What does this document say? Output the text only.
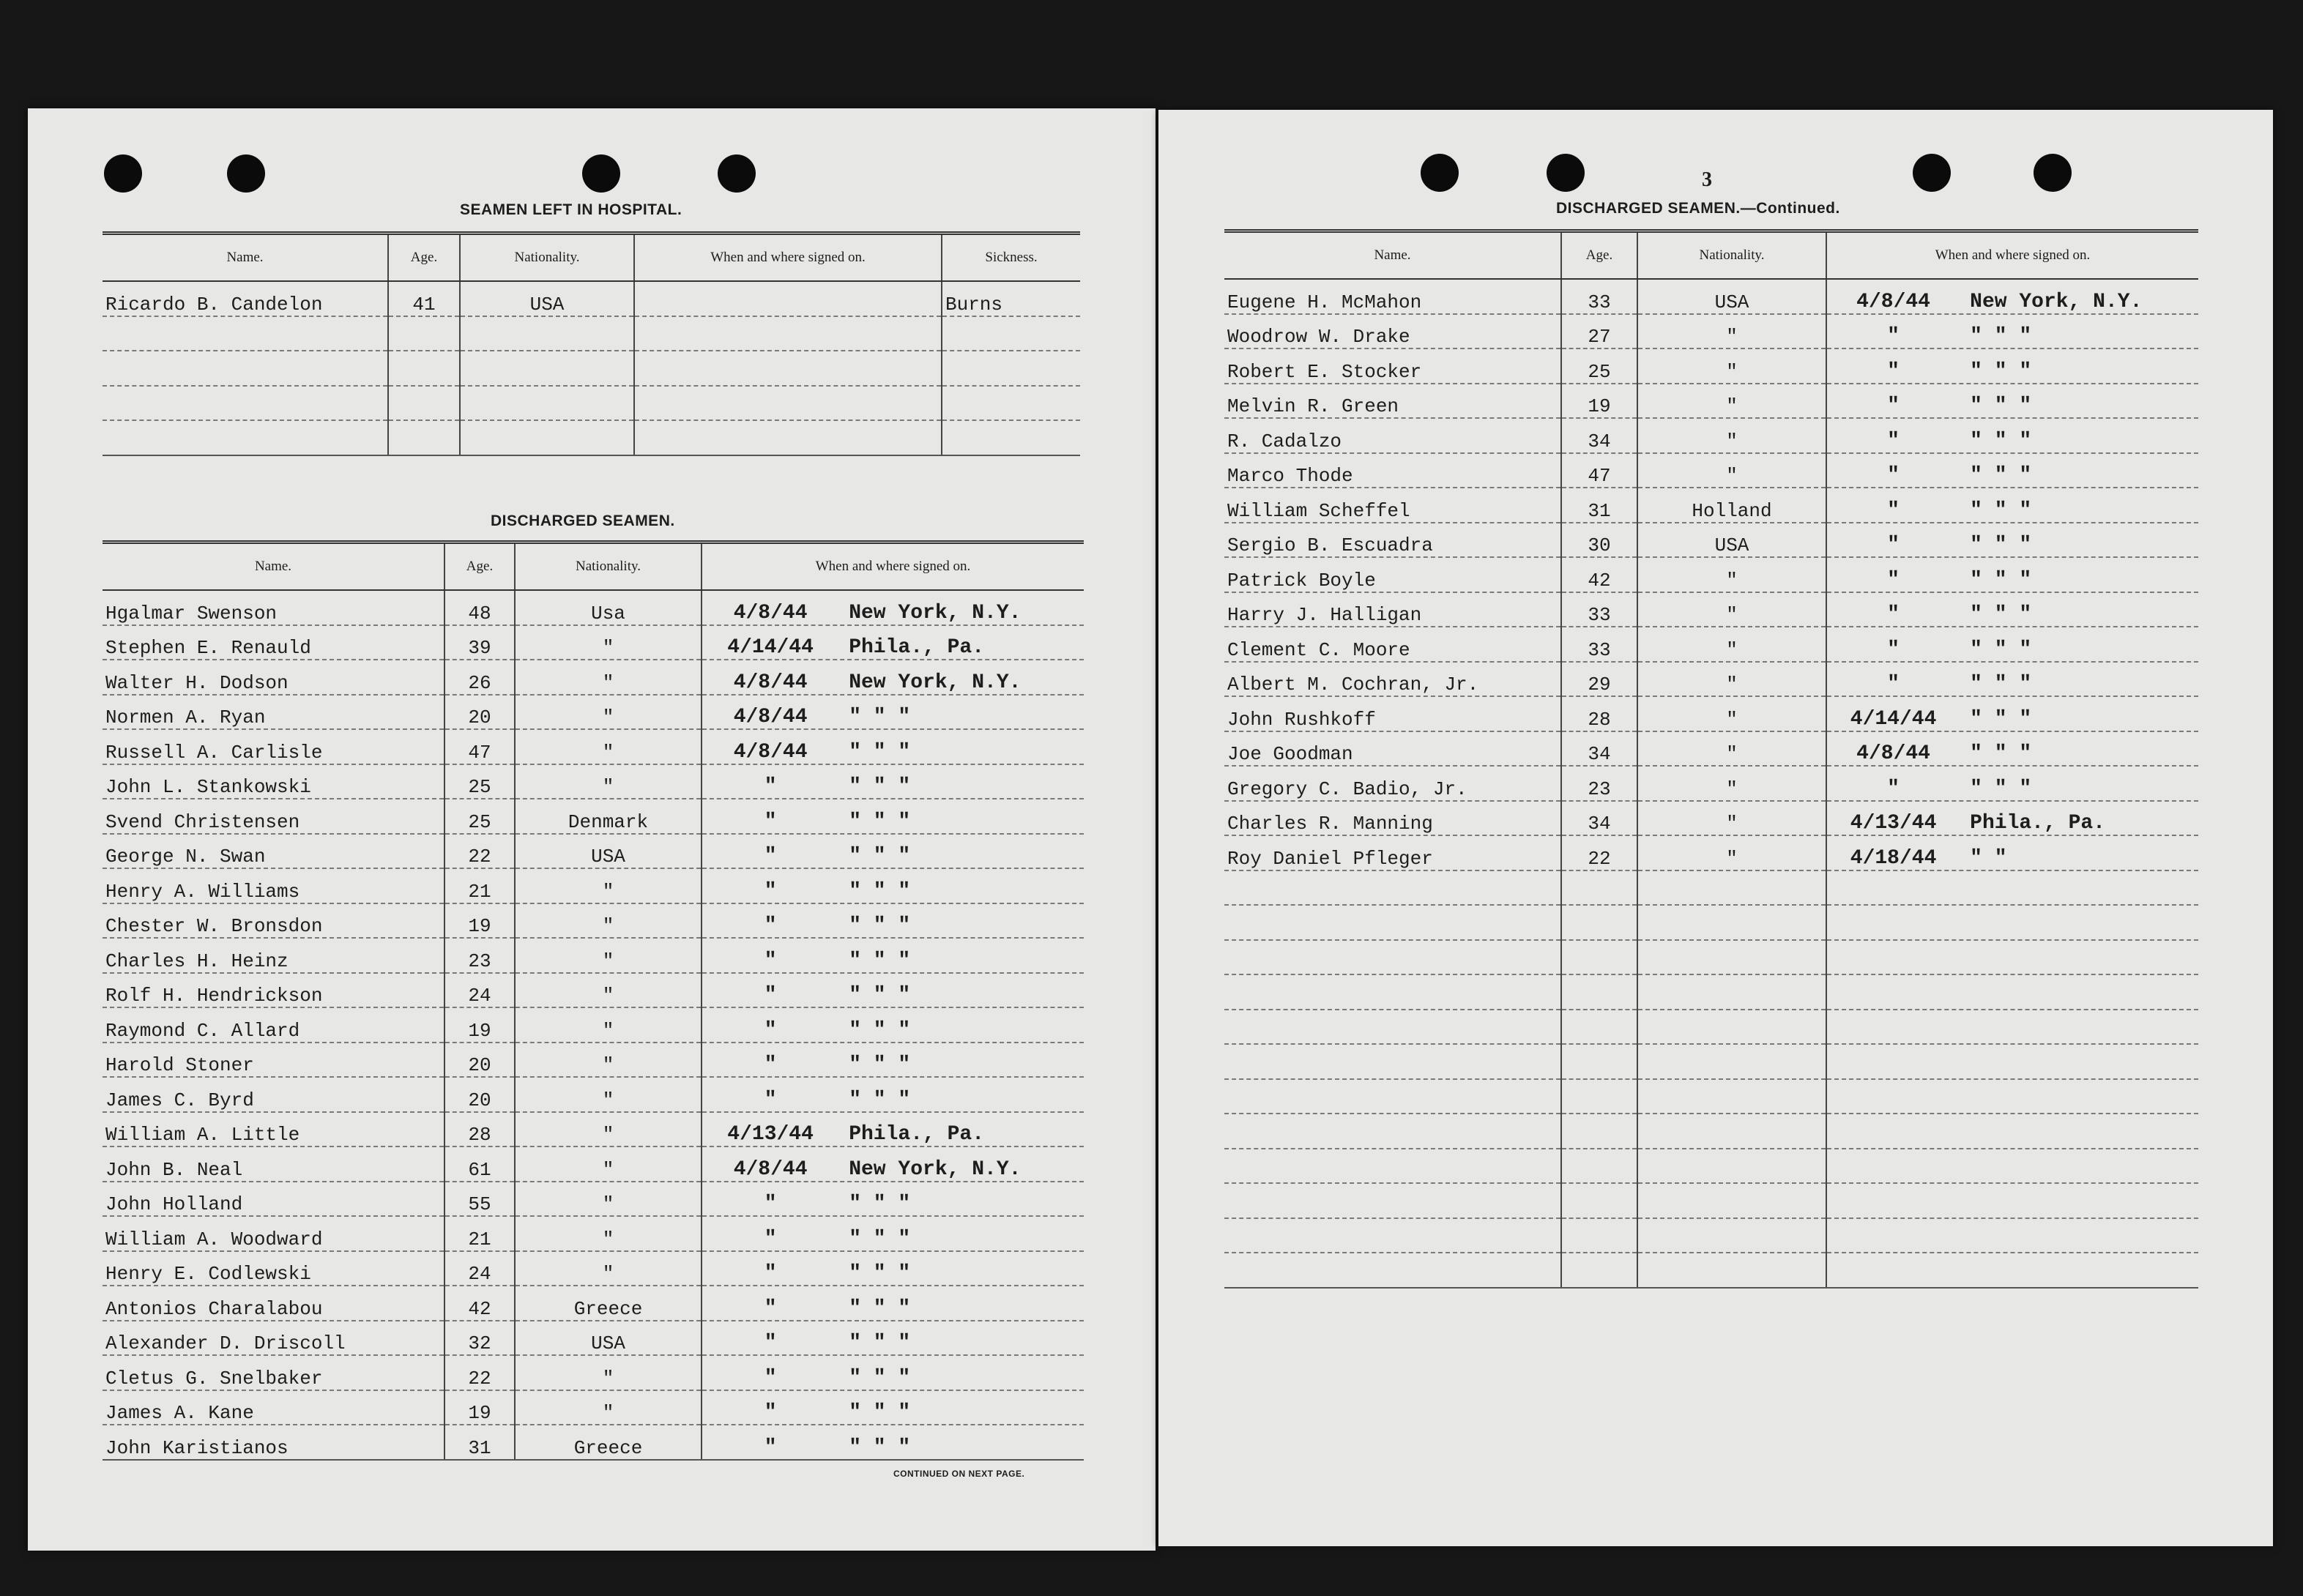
SEAMEN LEFT IN HOSPITAL.
Name.	Age.	Nationality.	When and where signed on.	Sickness.
Ricardo B. Candelon	41	USA		Burns

DISCHARGED SEAMEN.
Name.	Age.	Nationality.	When and where signed on.
Hgalmar Swenson	48	Usa	4/8/44 New York, N.Y.

Stephen E. Renauld	39	"	4/14/44 Phila., Pa.

Walter H. Dodson	26	"	4/8/44 New York, N.Y.

Normen A. Ryan	20	"	4/8/44 " " "

Russell A. Carlisle	47	"	4/8/44 " " "

John L. Stankowski	25	"	" " " "

Svend Christensen	25	Denmark	" " " "

George N. Swan	22	USA	" " " "

Henry A. Williams	21	"	" " " "

Chester W. Bronsdon	19	"	" " " "

Charles H. Heinz	23	"	" " " "

Rolf H. Hendrickson	24	"	" " " "

Raymond C. Allard	19	"	" " " "

Harold Stoner	20	"	" " " "

James C. Byrd	20	"	" " " "

William A. Little	28	"	4/13/44 Phila., Pa.

John B. Neal	61	"	4/8/44 New York, N.Y.

John Holland	55	"	" " " "

William A. Woodward	21	"	" " " "

Henry E. Codlewski	24	"	" " " "

Antonios Charalabou	42	Greece	" " " "

Alexander D. Driscoll	32	USA	" " " "

Cletus G. Snelbaker	22	"	" " " "

James A. Kane	19	"	" " " "

John Karistianos	31	Greece	" " " "
CONTINUED ON NEXT PAGE.
3
DISCHARGED SEAMEN.—Continued.
Name.	Age.	Nationality.	When and where signed on.
Eugene H. McMahon	33	USA	4/8/44 New York, N.Y.

Woodrow W. Drake	27	"	" " " "

Robert E. Stocker	25	"	" " " "

Melvin R. Green	19	"	" " " "

R. Cadalzo	34	"	" " " "

Marco Thode	47	"	" " " "

William Scheffel	31	Holland	" " " "

Sergio B. Escuadra	30	USA	" " " "

Patrick Boyle	42	"	" " " "

Harry J. Halligan	33	"	" " " "

Clement C. Moore	33	"	" " " "

Albert M. Cochran, Jr.	29	"	" " " "

John Rushkoff	28	"	4/14/44 " " "

Joe Goodman	34	"	4/8/44 " " "

Gregory C. Badio, Jr.	23	"	" " " "

Charles R. Manning	34	"	4/13/44 Phila., Pa.

Roy Daniel Pfleger	22	"	4/18/44 " "
